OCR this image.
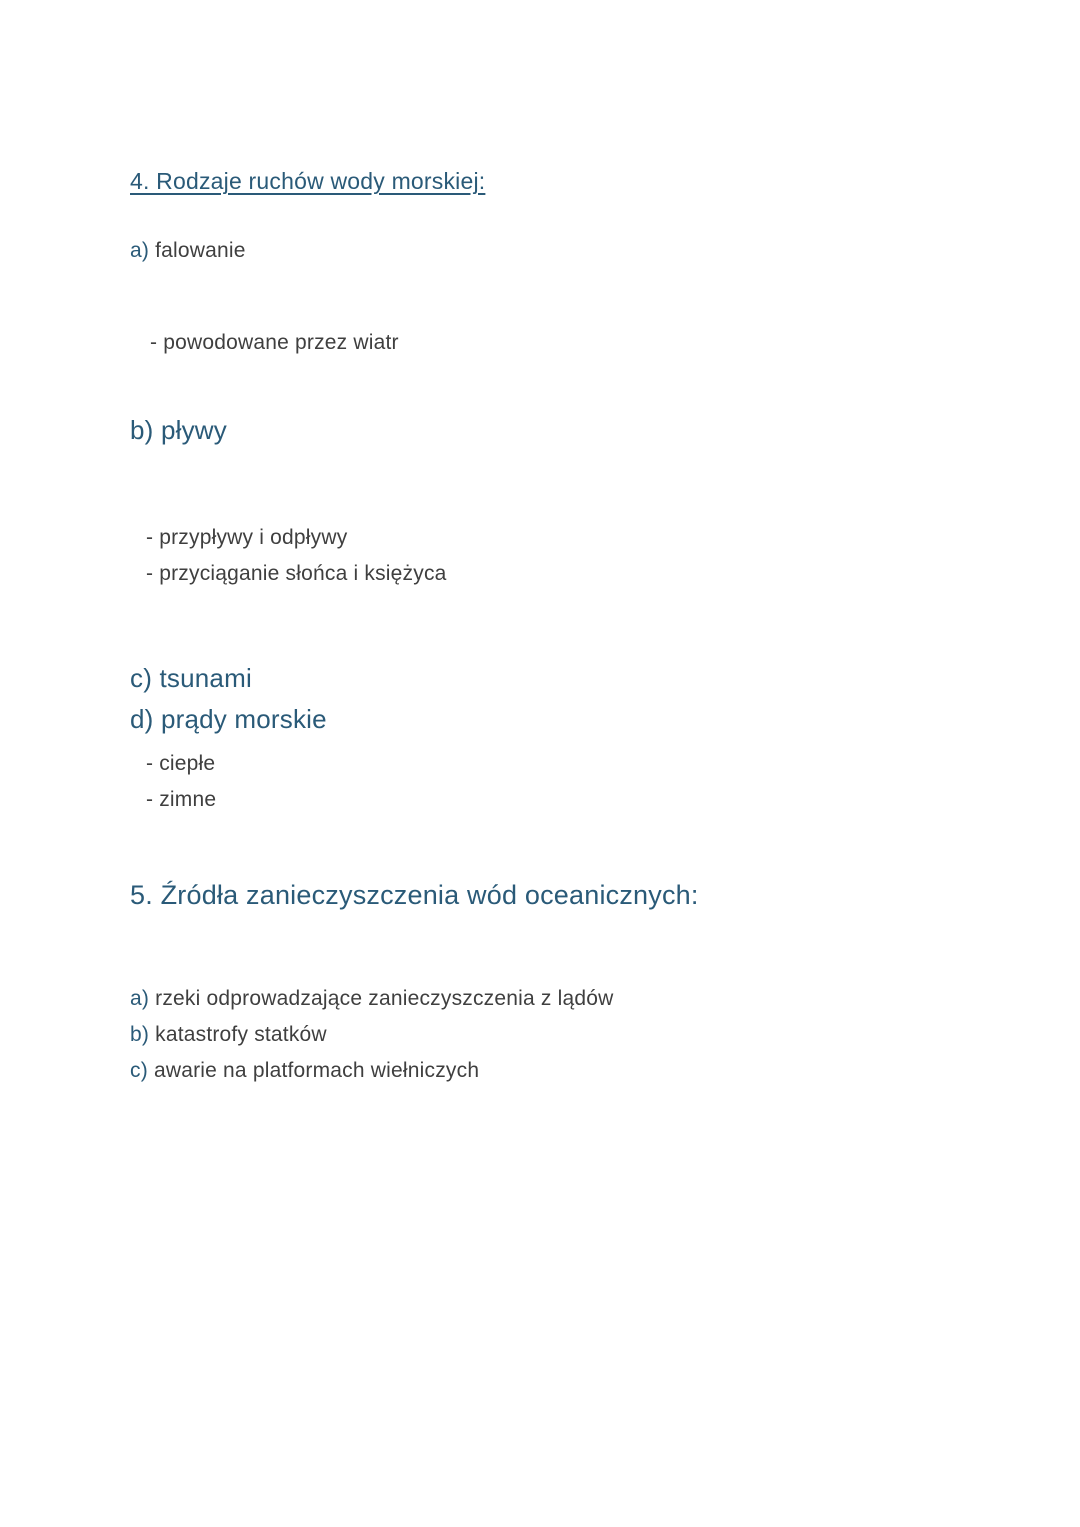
4. Rodzaje ruchów wody morskiej:
a) falowanie
- powodowane przez wiatr
b) pływy
- przypływy i odpływy
- przyciąganie słońca i księżyca
c) tsunami
d) prądy morskie
- ciepłe
- zimne
5. Źródła zanieczyszczenia wód oceanicznych:
a) rzeki odprowadzające zanieczyszczenia z lądów
b) katastrofy statków
c) awarie na platformach wiełniczych
